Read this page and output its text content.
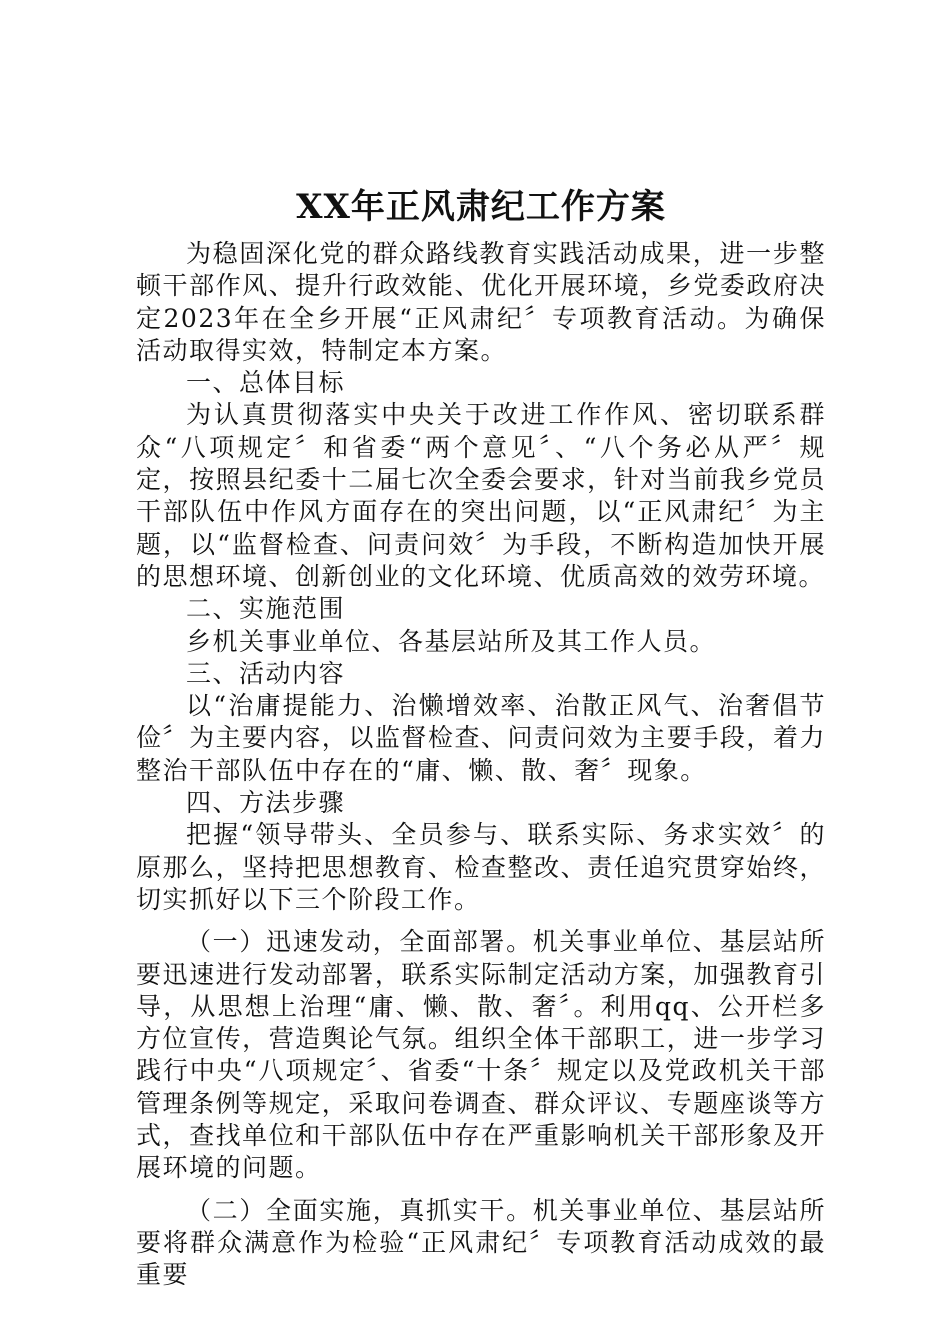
XX年正风肃纪工作方案

为稳固深化党的群众路线教育实践活动成果，进一步整顿干部作风、提升行政效能、优化开展环境，乡党委政府决定2023年在全乡开展“正风肃纪〞专项教育活动。为确保活动取得实效，特制定本方案。

一、总体目标

为认真贯彻落实中央关于改进工作作风、密切联系群众“八项规定〞和省委“两个意见〞、“八个务必从严〞规定，按照县纪委十二届七次全委会要求，针对当前我乡党员干部队伍中作风方面存在的突出问题，以“正风肃纪〞为主题，以“监督检查、问责问效〞为手段，不断构造加快开展的思想环境、创新创业的文化环境、优质高效的效劳环境。

二、实施范围

乡机关事业单位、各基层站所及其工作人员。

三、活动内容

以“治庸提能力、治懒增效率、治散正风气、治奢倡节俭〞为主要内容，以监督检查、问责问效为主要手段，着力整治干部队伍中存在的“庸、懒、散、奢〞现象。

四、方法步骤

把握“领导带头、全员参与、联系实际、务求实效〞的原那么，坚持把思想教育、检查整改、责任追究贯穿始终，切实抓好以下三个阶段工作。

（一）迅速发动，全面部署。机关事业单位、基层站所要迅速进行发动部署，联系实际制定活动方案，加强教育引导，从思想上治理“庸、懒、散、奢〞。利用qq、公开栏多方位宣传，营造舆论气氛。组织全体干部职工，进一步学习践行中央“八项规定〞、省委“十条〞规定以及党政机关干部管理条例等规定，采取问卷调查、群众评议、专题座谈等方式，查找单位和干部队伍中存在严重影响机关干部形象及开展环境的问题。

（二）全面实施，真抓实干。机关事业单位、基层站所要将群众满意作为检验“正风肃纪〞专项教育活动成效的最重要
